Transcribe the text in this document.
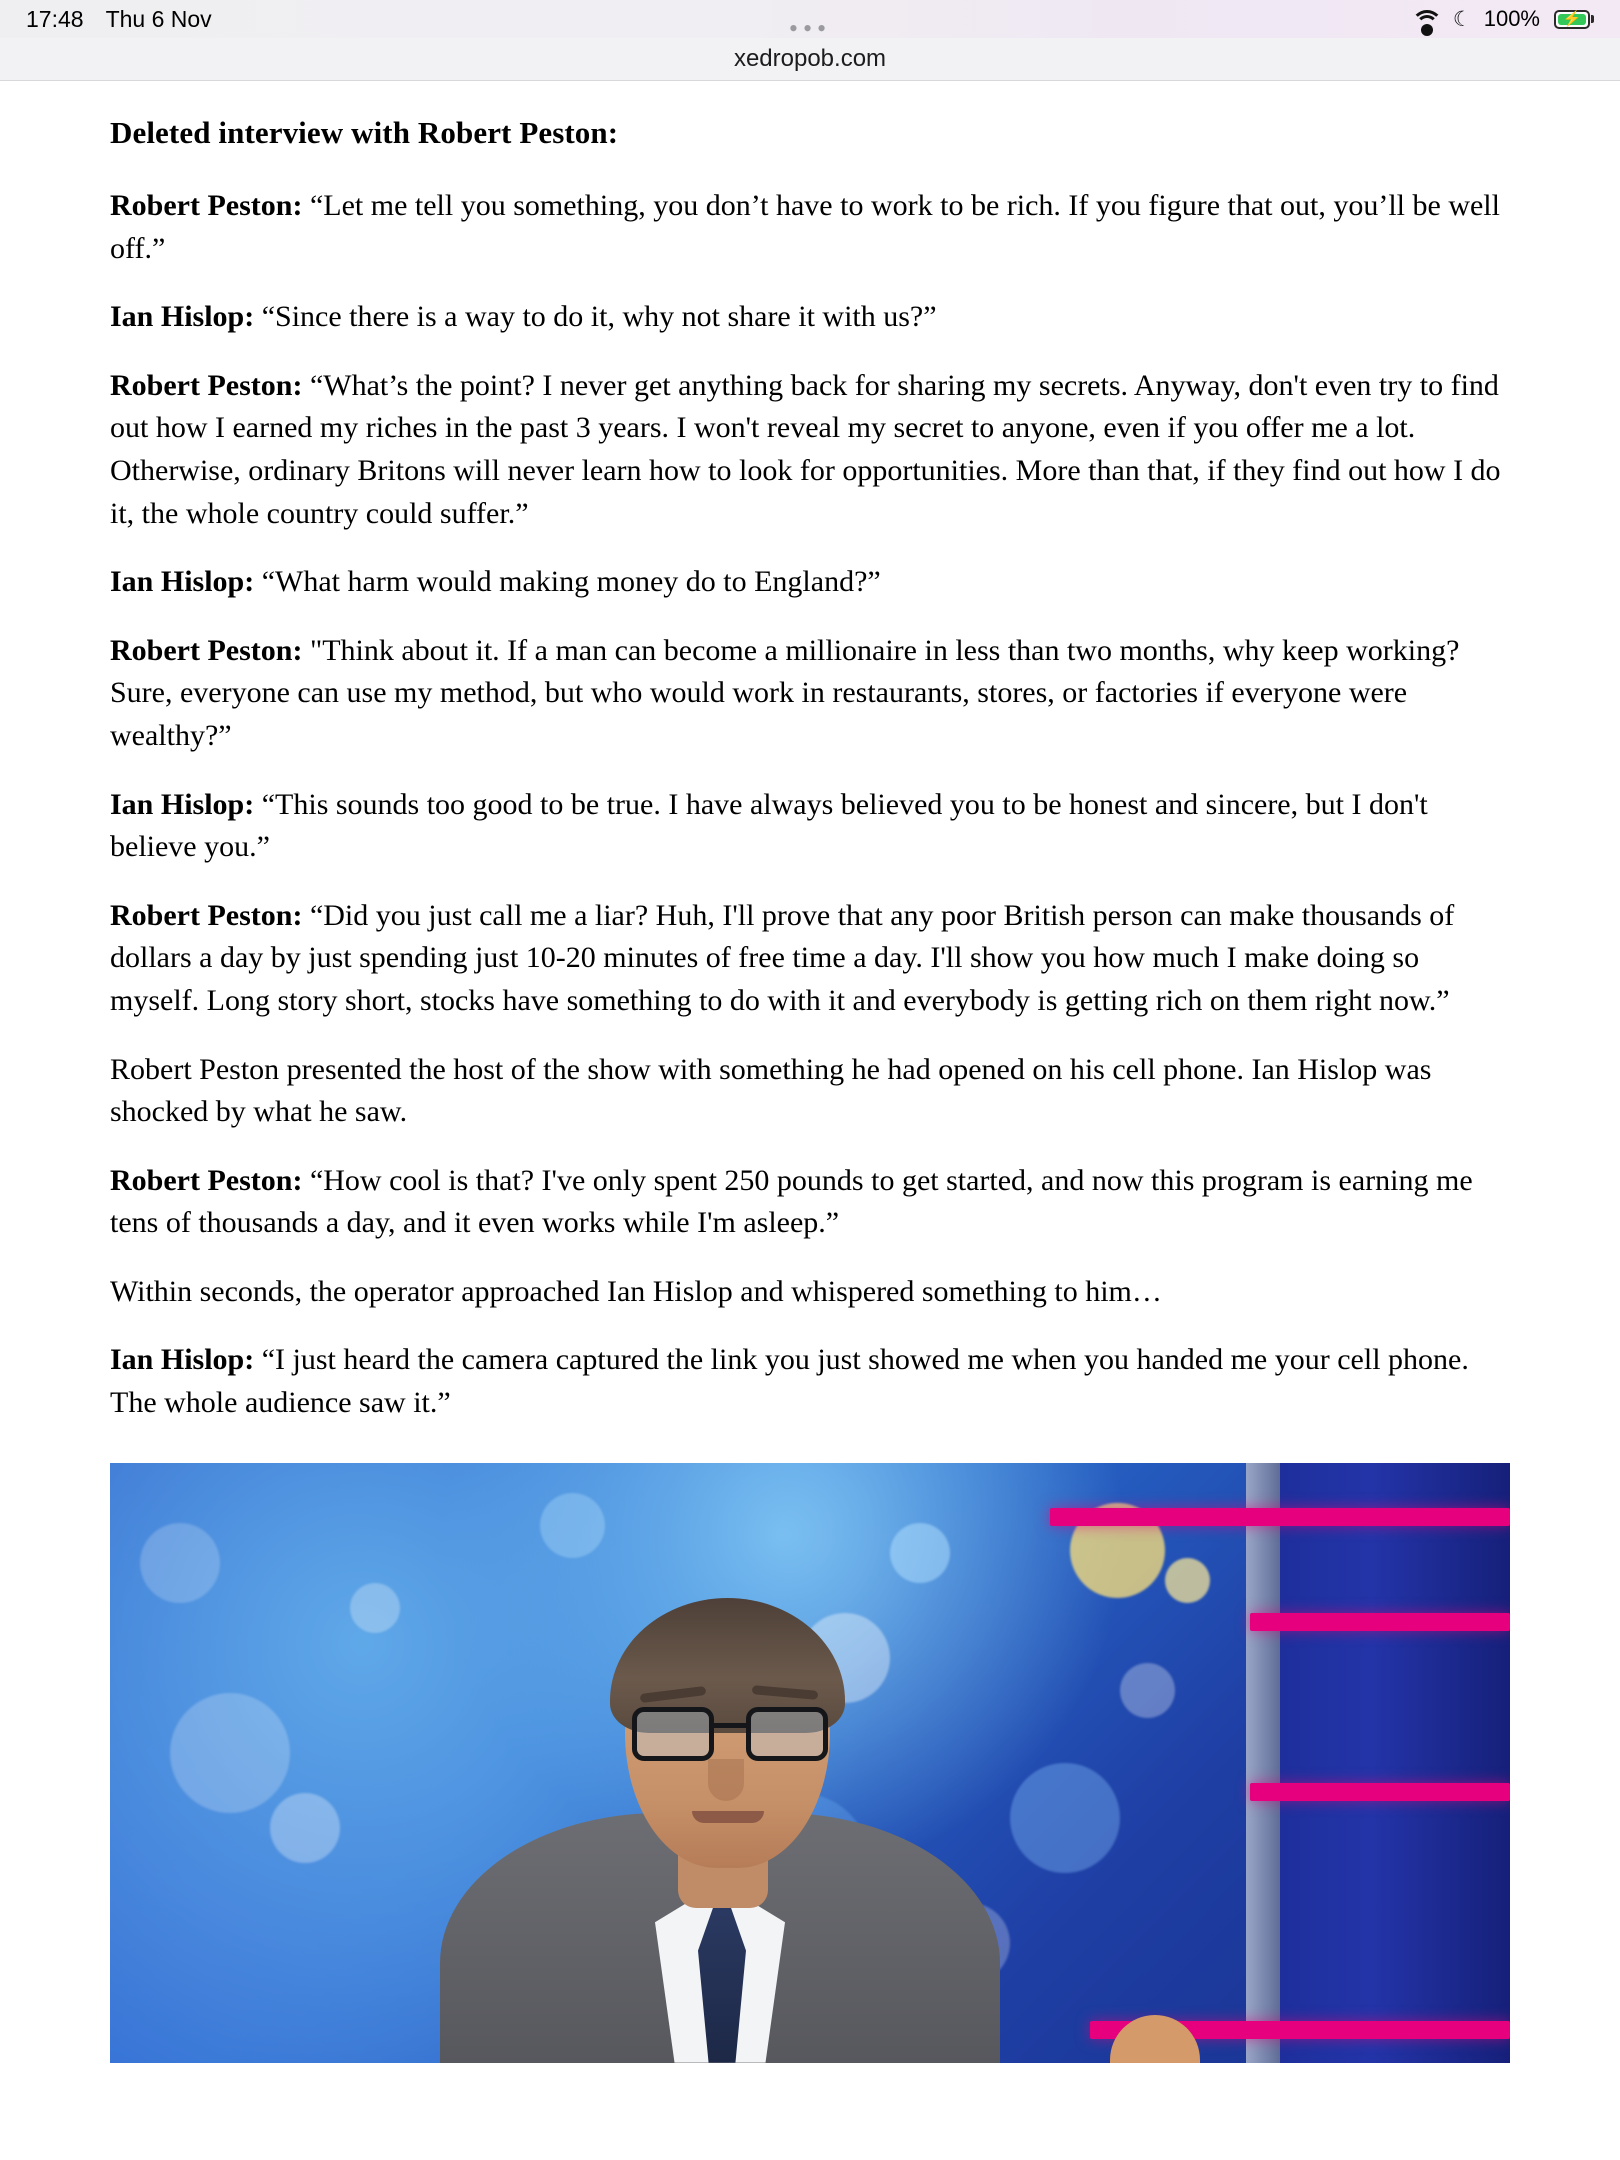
17:48 Thu 6 Nov	☾ 100%	⚡
•••
xedropob.com
Deleted interview with Robert Peston:
Robert Peston: “Let me tell you something, you don’t have to work to be rich. If you figure that out, you’ll be well off.”
Ian Hislop: “Since there is a way to do it, why not share it with us?”
Robert Peston: “What’s the point? I never get anything back for sharing my secrets. Anyway, don't even try to find out how I earned my riches in the past 3 years. I won't reveal my secret to anyone, even if you offer me a lot. Otherwise, ordinary Britons will never learn how to look for opportunities. More than that, if they find out how I do it, the whole country could suffer.”
Ian Hislop: “What harm would making money do to England?”
Robert Peston: "Think about it. If a man can become a millionaire in less than two months, why keep working? Sure, everyone can use my method, but who would work in restaurants, stores, or factories if everyone were wealthy?”
Ian Hislop: “This sounds too good to be true. I have always believed you to be honest and sincere, but I don't believe you.”
Robert Peston: “Did you just call me a liar? Huh, I'll prove that any poor British person can make thousands of dollars a day by just spending just 10-20 minutes of free time a day. I'll show you how much I make doing so myself. Long story short, stocks have something to do with it and everybody is getting rich on them right now.”
Robert Peston presented the host of the show with something he had opened on his cell phone. Ian Hislop was shocked by what he saw.
Robert Peston: “How cool is that? I've only spent 250 pounds to get started, and now this program is earning me tens of thousands a day, and it even works while I'm asleep.”
Within seconds, the operator approached Ian Hislop and whispered something to him…
Ian Hislop: “I just heard the camera captured the link you just showed me when you handed me your cell phone. The whole audience saw it.”
